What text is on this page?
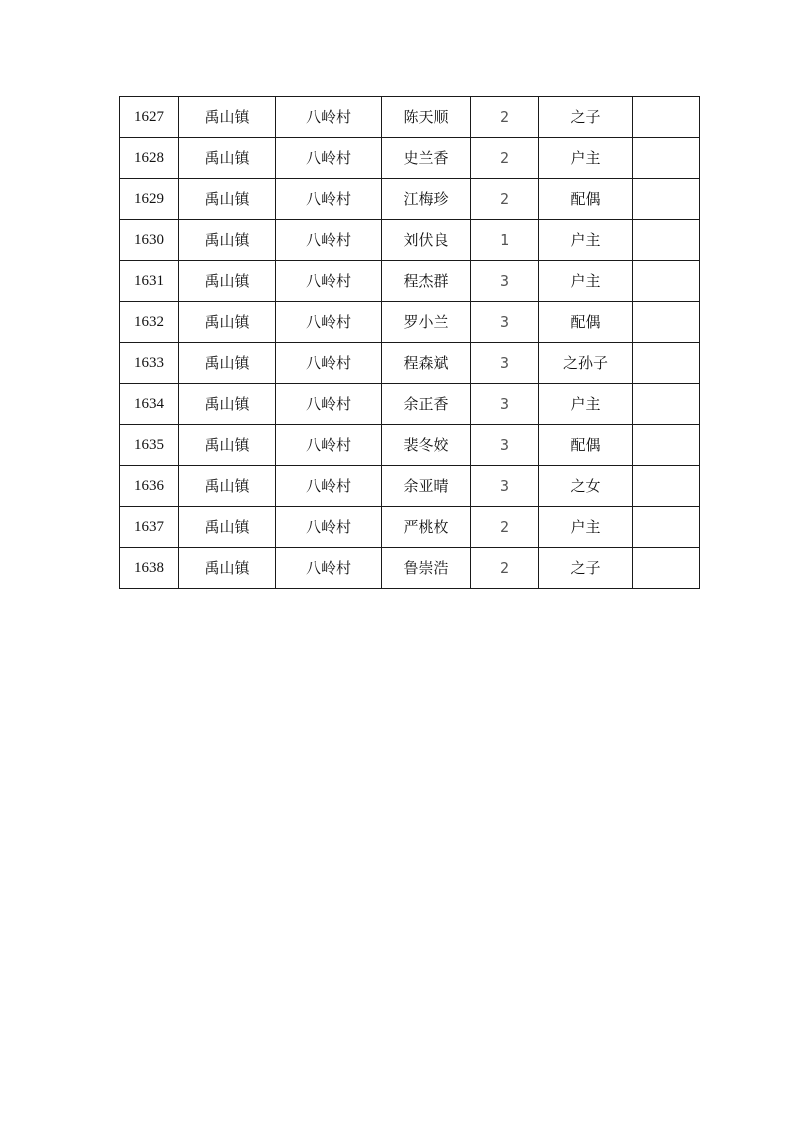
1627	禹山镇	八岭村	陈天顺	2	之子	
1628	禹山镇	八岭村	史兰香	2	户主	
1629	禹山镇	八岭村	江梅珍	2	配偶	
1630	禹山镇	八岭村	刘伏良	1	户主	
1631	禹山镇	八岭村	程杰群	3	户主	
1632	禹山镇	八岭村	罗小兰	3	配偶	
1633	禹山镇	八岭村	程森斌	3	之孙子	
1634	禹山镇	八岭村	余正香	3	户主	
1635	禹山镇	八岭村	裴冬姣	3	配偶	
1636	禹山镇	八岭村	余亚晴	3	之女	
1637	禹山镇	八岭村	严桃枚	2	户主	
1638	禹山镇	八岭村	鲁崇浩	2	之子	
